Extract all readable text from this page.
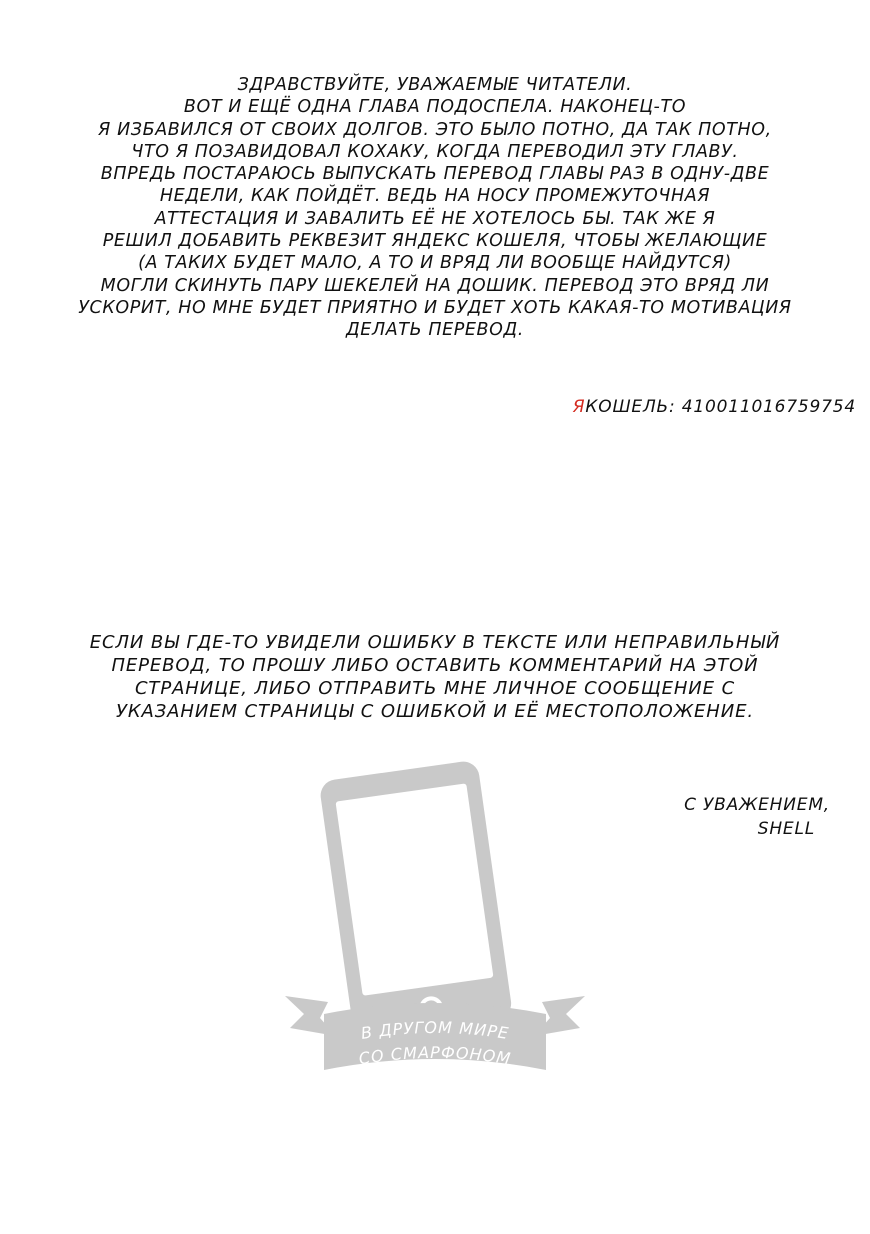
ЗДРАВСТВУЙТЕ, УВАЖАЕМЫЕ ЧИТАТЕЛИ.
ВОТ И ЕЩЁ ОДНА ГЛАВА ПОДОСПЕЛА. НАКОНЕЦ-ТО
Я ИЗБАВИЛСЯ ОТ СВОИХ ДОЛГОВ. ЭТО БЫЛО ПОТНО, ДА ТАК ПОТНО,
ЧТО Я ПОЗАВИДОВАЛ КОХАКУ, КОГДА ПЕРЕВОДИЛ ЭТУ ГЛАВУ.
ВПРЕДЬ ПОСТАРАЮСЬ ВЫПУСКАТЬ ПЕРЕВОД ГЛАВЫ РАЗ В ОДНУ-ДВЕ
НЕДЕЛИ, КАК ПОЙДЁТ. ВЕДЬ НА НОСУ ПРОМЕЖУТОЧНАЯ
АТТЕСТАЦИЯ И ЗАВАЛИТЬ ЕЁ НЕ ХОТЕЛОСЬ БЫ. ТАК ЖЕ Я
РЕШИЛ ДОБАВИТЬ РЕКВЕЗИТ ЯНДЕКС КОШЕЛЯ, ЧТОБЫ ЖЕЛАЮЩИЕ
(А ТАКИХ БУДЕТ МАЛО, А ТО И ВРЯД ЛИ ВООБЩЕ НАЙДУТСЯ)
МОГЛИ СКИНУТЬ ПАРУ ШЕКЕЛЕЙ НА ДОШИК. ПЕРЕВОД ЭТО ВРЯД ЛИ
УСКОРИТ, НО МНЕ БУДЕТ ПРИЯТНО И БУДЕТ ХОТЬ КАКАЯ-ТО МОТИВАЦИЯ
ДЕЛАТЬ ПЕРЕВОД.
ЯКОШЕЛЬ: 410011016759754
ЕСЛИ ВЫ ГДЕ-ТО УВИДЕЛИ ОШИБКУ В ТЕКСТЕ ИЛИ НЕПРАВИЛЬНЫЙ
ПЕРЕВОД, ТО ПРОШУ ЛИБО ОСТАВИТЬ КОММЕНТАРИЙ НА ЭТОЙ
СТРАНИЦЕ, ЛИБО ОТПРАВИТЬ МНЕ ЛИЧНОЕ СООБЩЕНИЕ С
УКАЗАНИЕМ СТРАНИЦЫ С ОШИБКОЙ И ЕЁ МЕСТОПОЛОЖЕНИЕ.
С УВАЖЕНИЕМ,

SHELL
В ДРУГОМ МИРЕ
СО СМАРФОНОМ
